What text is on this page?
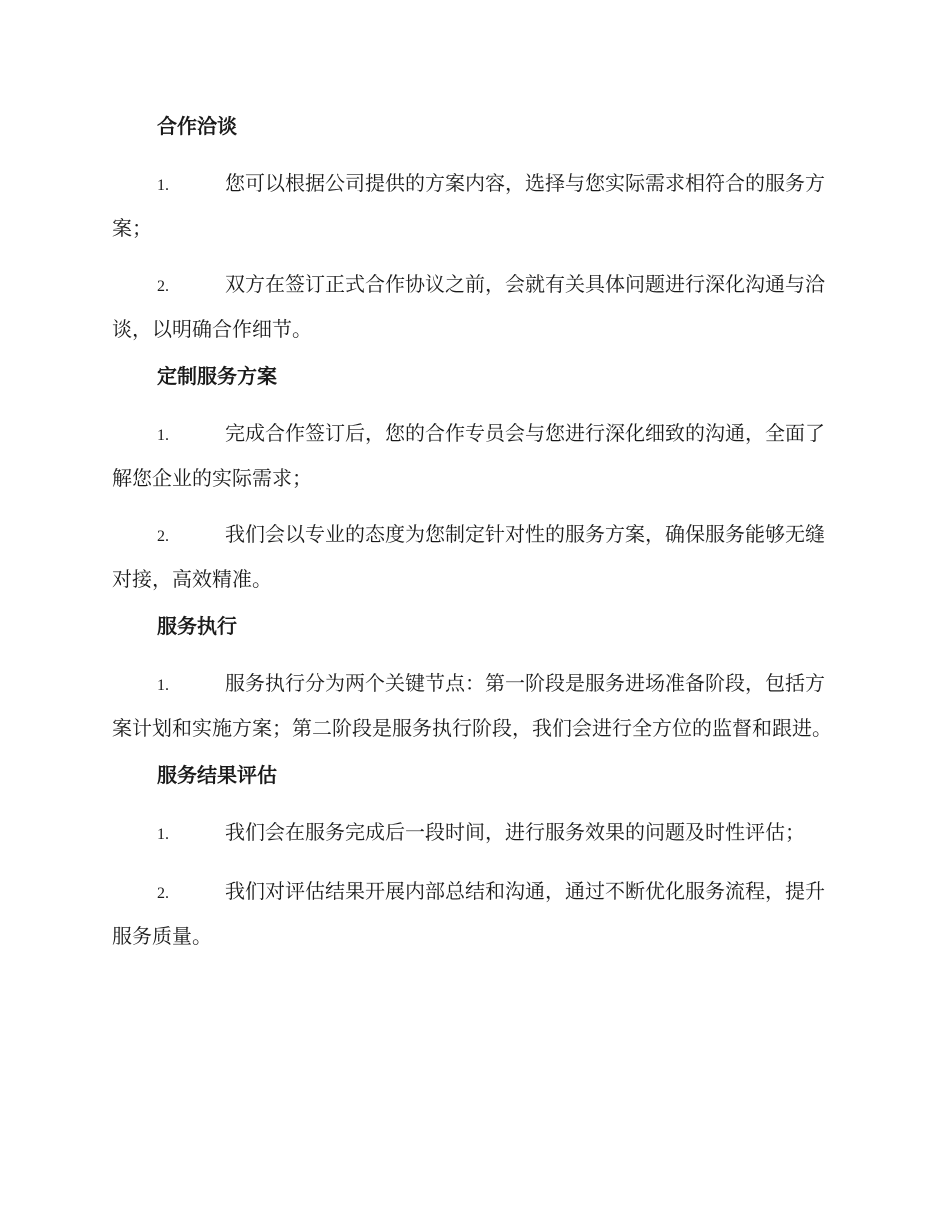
合作洽谈

1.	您可以根据公司提供的方案内容，选择与您实际需求相符合的服务方案；

2.	双方在签订正式合作协议之前，会就有关具体问题进行深化沟通与洽谈，以明确合作细节。

定制服务方案

1.	完成合作签订后，您的合作专员会与您进行深化细致的沟通，全面了解您企业的实际需求；

2.	我们会以专业的态度为您制定针对性的服务方案，确保服务能够无缝对接，高效精准。

服务执行

1.	服务执行分为两个关键节点：第一阶段是服务进场准备阶段，包括方案计划和实施方案；第二阶段是服务执行阶段，我们会进行全方位的监督和跟进。

服务结果评估

1.	我们会在服务完成后一段时间，进行服务效果的问题及时性评估；

2.	我们对评估结果开展内部总结和沟通，通过不断优化服务流程，提升服务质量。
